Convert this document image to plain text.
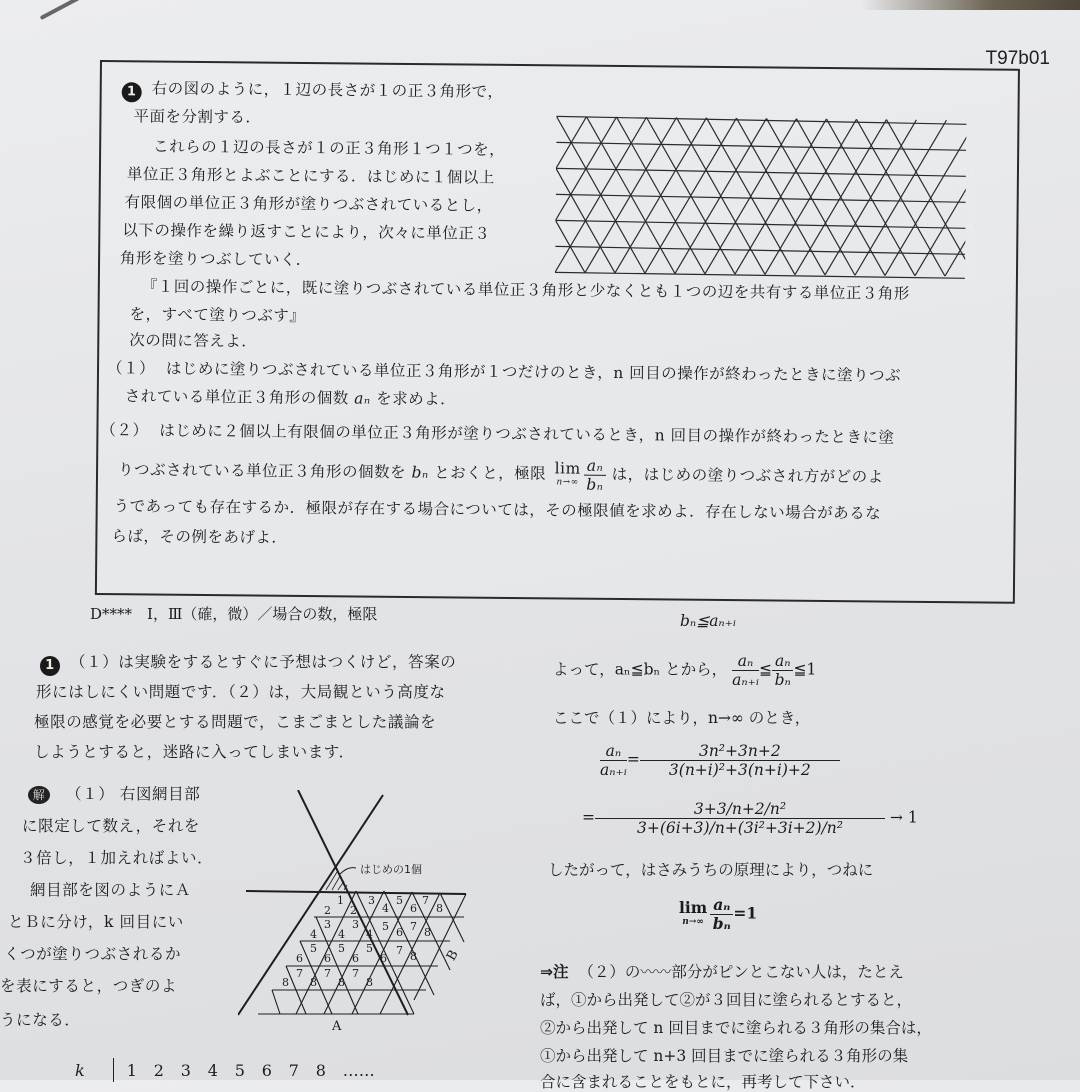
T97b01
1 右の図のように，１辺の長さが１の正３角形で，
平面を分割する．
これらの１辺の長さが１の正３角形１つ１つを，
単位正３角形とよぶことにする．はじめに１個以上
有限個の単位正３角形が塗りつぶされているとし，
以下の操作を繰り返すことにより，次々に単位正３
角形を塗りつぶしていく．
『１回の操作ごとに，既に塗りつぶされている単位正３角形と少なくとも１つの辺を共有する単位正３角形
を，すべて塗りつぶす』
次の問に答えよ．
（１） はじめに塗りつぶされている単位正３角形が１つだけのとき，n 回目の操作が終わったときに塗りつぶ
されている単位正３角形の個数 aₙ を求めよ．
（２） はじめに２個以上有限個の単位正３角形が塗りつぶされているとき，n 回目の操作が終わったときに塗
りつぶされている単位正３角形の個数を bₙ とおくと，極限 lim
$n\to\infty \frac{\text{aₙ}}{\text{bₙ}}$ は，はじめの塗りつぶされ方がどのよ
うであっても存在するか．極限が存在する場合については，その極限値を求めよ．存在しない場合があるな
らば，その例をあげよ．
D****　Ⅰ，Ⅲ（確，微）／場合の数，極限
1 （１）は実験をするとすぐに予想はつくけど，答案の
形にはしにくい問題です．（２）は，大局観という高度な
極限の感覚を必要とする問題で，こまごまとした議論を
しようとすると，迷路に入ってしまいます．
解 （１） 右図網目部
に限定して数え，それを
３倍し，１加えればよい．
網目部を図のようにＡ
とＢに分け，k 回目にい
くつが塗りつぶされるか
を表にすると，つぎのよ
うになる．
はじめの1個
1
2 2
3
4
5
6
7
8
4
3
4
3
4
5 6 7 8
6
5
6
5
6
5
6
7 8
8
7
8
7
8
7
8
A
B
k	1 2 3 4 5 6 7 8 ……
bₙ≦aₙ₊ᵢ
よって，aₙ≦bₙ とから， $\frac{\text{aₙ}}{\text{aₙ₊ᵢ}}$ ≦ $\frac{\text{aₙ}}{\text{bₙ}}$ ≦1
ここで（１）により，n→∞ のとき，
$\frac{\text{aₙ}}{\text{aₙ₊ᵢ}} = \frac{\text{3n²+3n+2}}{\text{3(n+i)²+3(n+i)+2}}$
= $\frac{\text{3+3/n+2/n²}}{\text{3+(6i+3)/n+(3i²+3i+2)/n²}} \to 1$
したがって，はさみうちの原理により，つねに
lim
$n\to\infty \frac{\text{aₙ}}{\text{bₙ}} =1$
⇒注 （２）の〰〰部分がピンとこない人は，たとえ
ば，①から出発して②が３回目に塗られるとすると，
②から出発して n 回目までに塗られる３角形の集合は，
①から出発して n+3 回目までに塗られる３角形の集
合に含まれることをもとに，再考して下さい．
